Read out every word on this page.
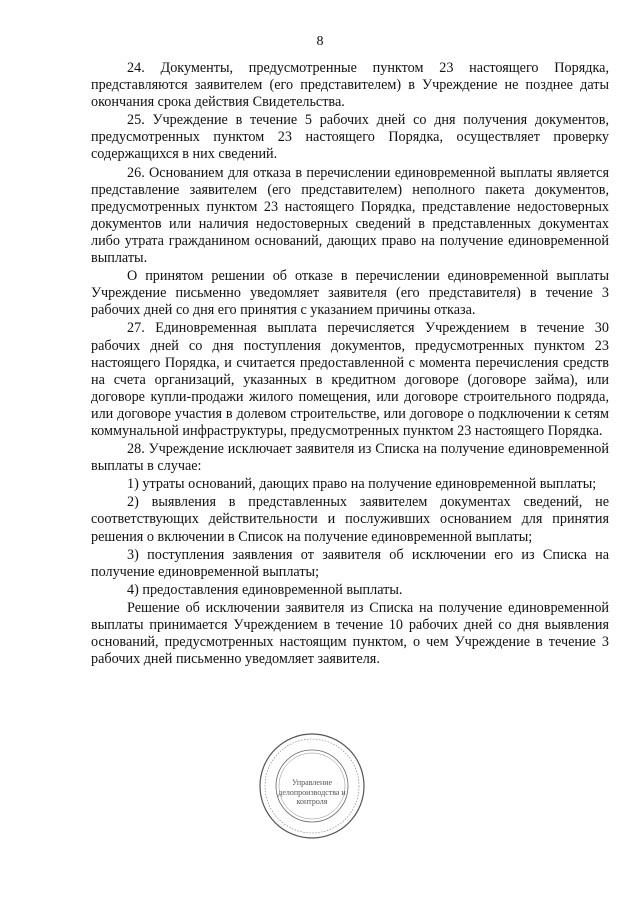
8

24. Документы, предусмотренные пунктом 23 настоящего Порядка, представляются заявителем (его представителем) в Учреждение не позднее даты окончания срока действия Свидетельства.

25. Учреждение в течение 5 рабочих дней со дня получения документов, предусмотренных пунктом 23 настоящего Порядка, осуществляет проверку содержащихся в них сведений.

26. Основанием для отказа в перечислении единовременной выплаты является представление заявителем (его представителем) неполного пакета документов, предусмотренных пунктом 23 настоящего Порядка, представление недостоверных документов или наличия недостоверных сведений в представленных документах либо утрата гражданином оснований, дающих право на получение единовременной выплаты.

О принятом решении об отказе в перечислении единовременной выплаты Учреждение письменно уведомляет заявителя (его представителя) в течение 3 рабочих дней со дня его принятия с указанием причины отказа.

27. Единовременная выплата перечисляется Учреждением в течение 30 рабочих дней со дня поступления документов, предусмотренных пунктом 23 настоящего Порядка, и считается предоставленной с момента перечисления средств на счета организаций, указанных в кредитном договоре (договоре займа), или договоре купли-продажи жилого помещения, или договоре строительного подряда, или договоре участия в долевом строительстве, или договоре о подключении к сетям коммунальной инфраструктуры, предусмотренных пунктом 23 настоящего Порядка.

28. Учреждение исключает заявителя из Списка на получение единовременной выплаты в случае:

1) утраты оснований, дающих право на получение единовременной выплаты;

2) выявления в представленных заявителем документах сведений, не соответствующих действительности и послуживших основанием для принятия решения о включении в Список на получение единовременной выплаты;

3) поступления заявления от заявителя об исключении его из Списка на получение единовременной выплаты;

4) предоставления единовременной выплаты.

Решение об исключении заявителя из Списка на получение единовременной выплаты принимается Учреждением в течение 10 рабочих дней со дня выявления оснований, предусмотренных настоящим пунктом, о чем Учреждение в течение 3 рабочих дней письменно уведомляет заявителя.

Управление делопроизводства и контроля
